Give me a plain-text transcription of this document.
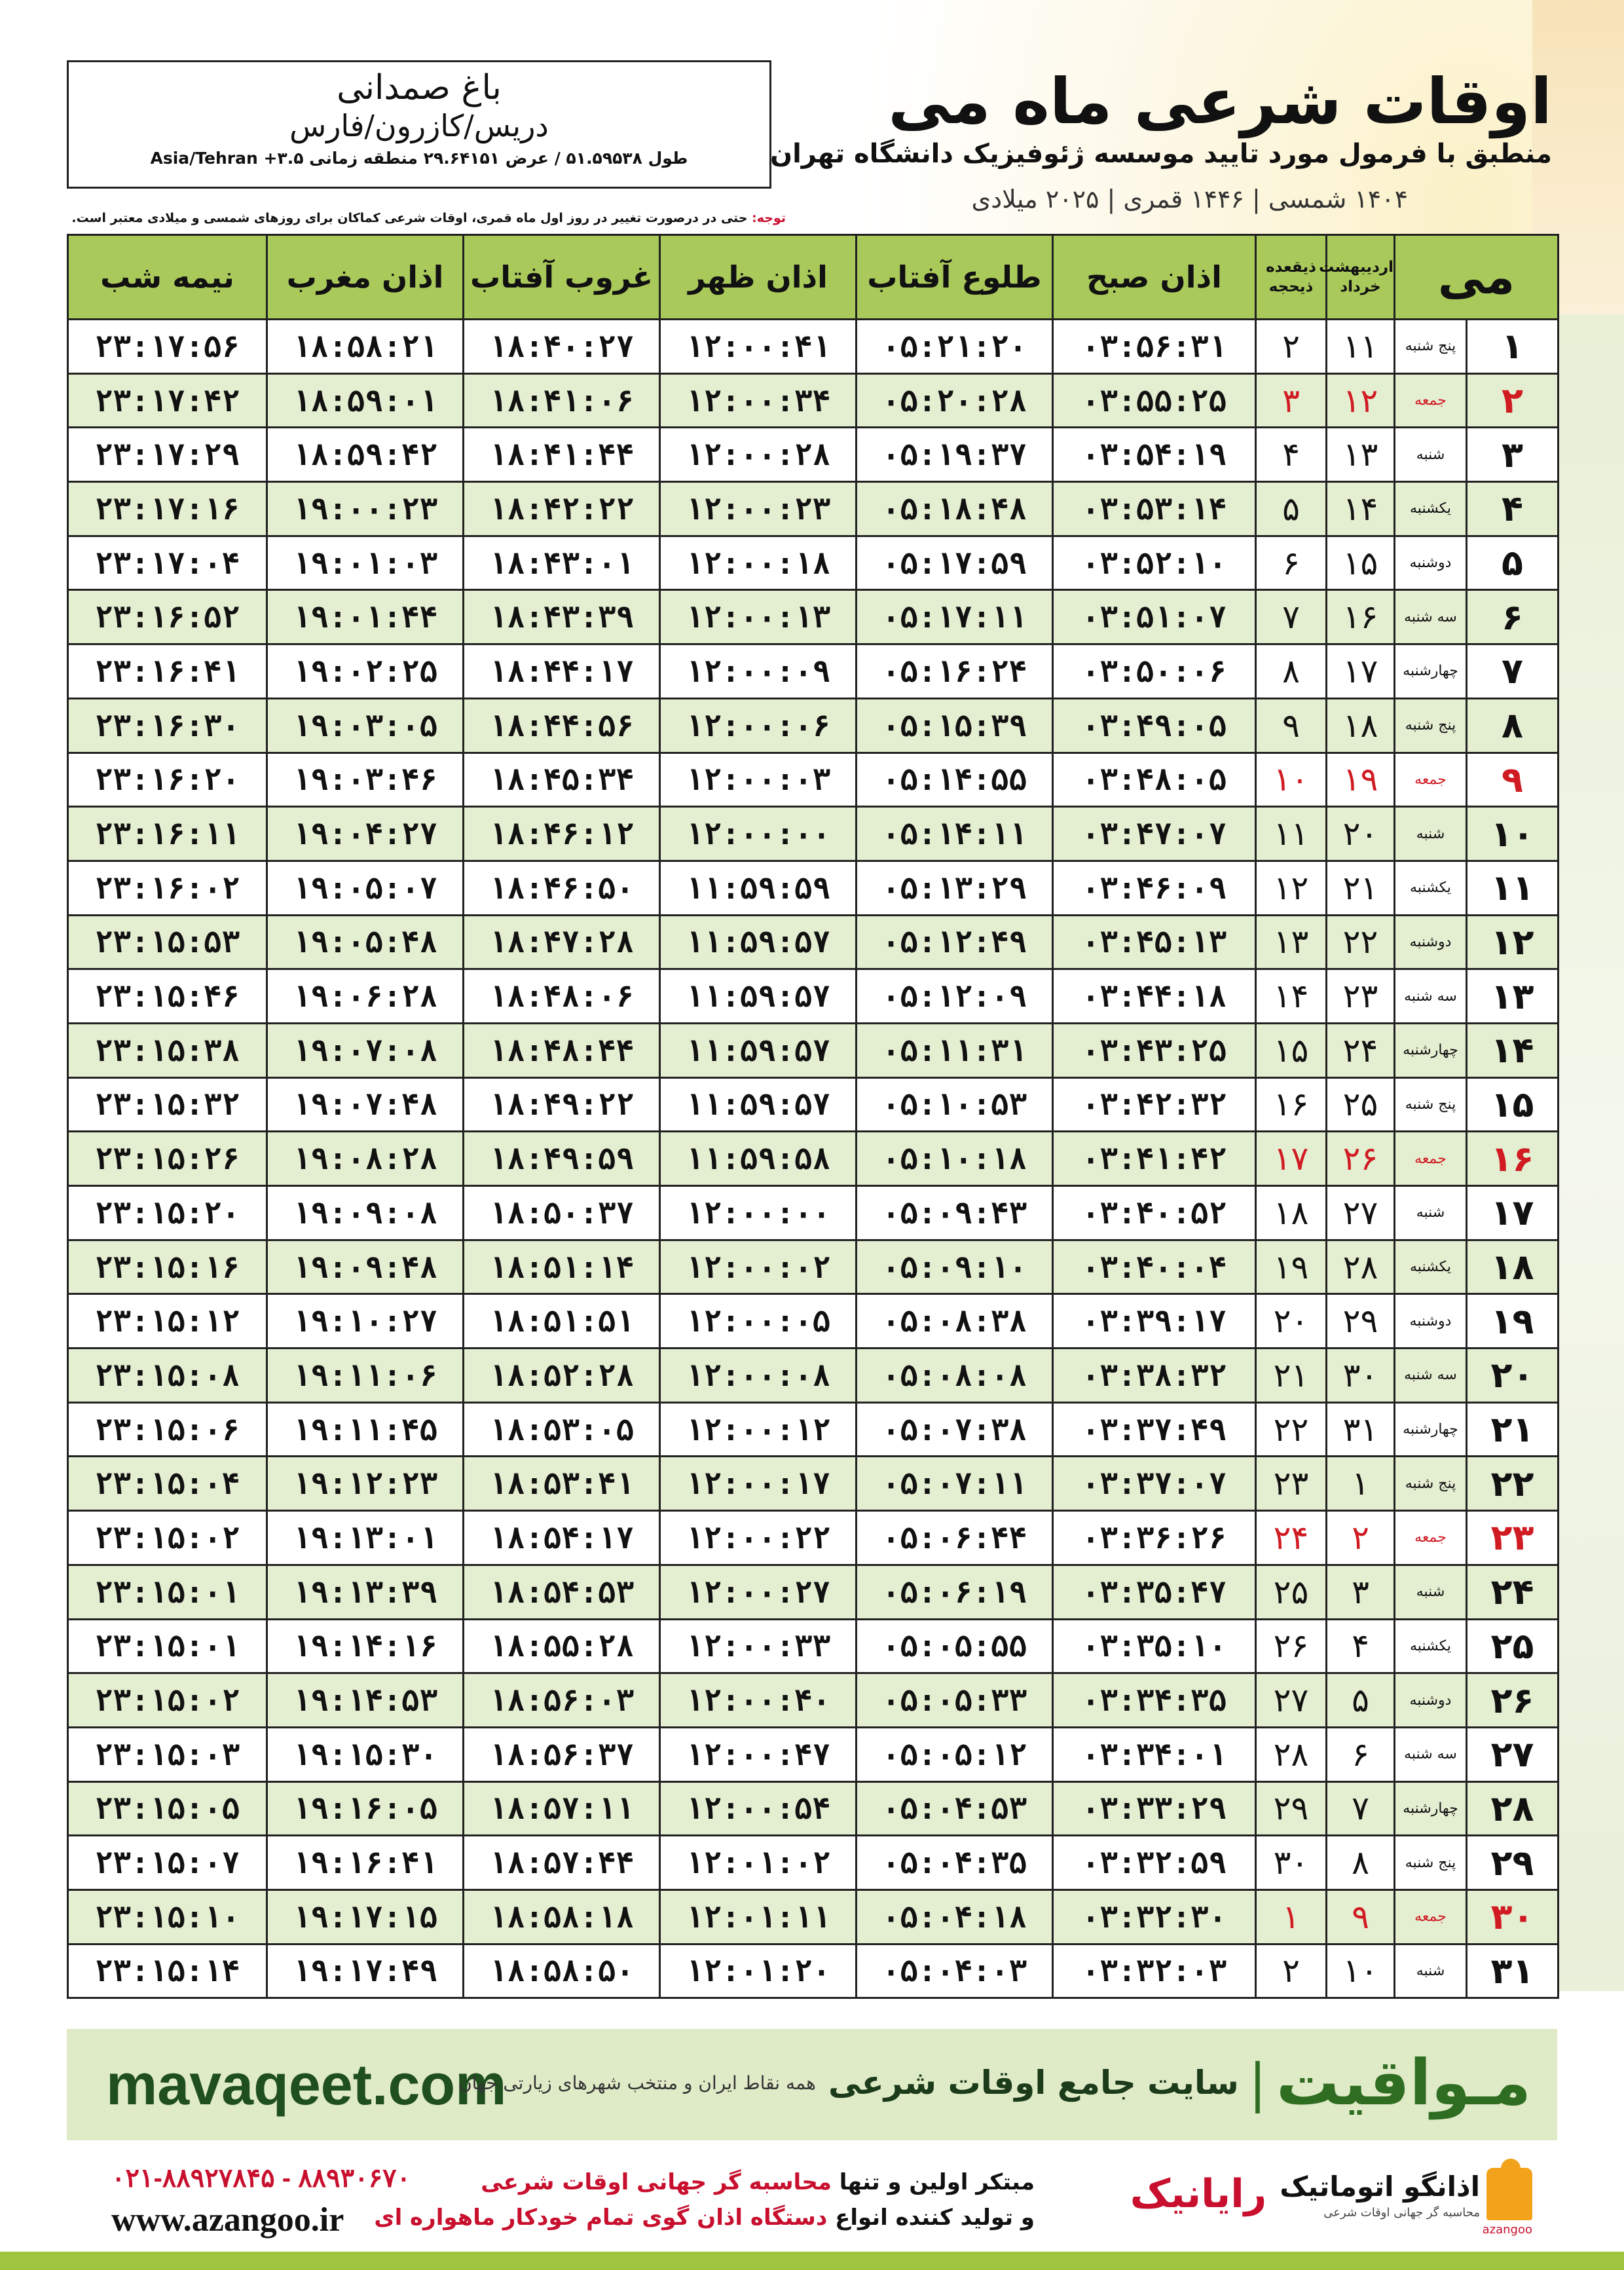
باغ صمدانی
دریس/کازرون/فارس
طول ۵۱.۵۹۵۳۸ / عرض ۲۹.۶۴۱۵۱ منطقه زمانی ۳.۵+ Asia/Tehran
اوقات شرعی ماه می
منطبق با فرمول مورد تایید موسسه ژئوفیزیک دانشگاه تهران
۱۴۰۴ شمسی | ۱۴۴۶ قمری | ۲۰۲۵ میلادی
توجه: حتی در درصورت تغییر در روز اول ماه قمری، اوقات شرعی کماکان برای روزهای شمسی و میلادی معتبر است.
می		اردیبهشت خرداد	ذیقعده ذیحجه	اذان صبح	طلوع آفتاب	اذان ظهر	غروب آفتاب	اذان مغرب	نیمه شب
۱	پنج شنبه	۱۱	۲	۰۳:۵۶:۳۱	۰۵:۲۱:۲۰	۱۲:۰۰:۴۱	۱۸:۴۰:۲۷	۱۸:۵۸:۲۱	۲۳:۱۷:۵۶
۲	جمعه	۱۲	۳	۰۳:۵۵:۲۵	۰۵:۲۰:۲۸	۱۲:۰۰:۳۴	۱۸:۴۱:۰۶	۱۸:۵۹:۰۱	۲۳:۱۷:۴۲
۳	شنبه	۱۳	۴	۰۳:۵۴:۱۹	۰۵:۱۹:۳۷	۱۲:۰۰:۲۸	۱۸:۴۱:۴۴	۱۸:۵۹:۴۲	۲۳:۱۷:۲۹
۴	یکشنبه	۱۴	۵	۰۳:۵۳:۱۴	۰۵:۱۸:۴۸	۱۲:۰۰:۲۳	۱۸:۴۲:۲۲	۱۹:۰۰:۲۳	۲۳:۱۷:۱۶
۵	دوشنبه	۱۵	۶	۰۳:۵۲:۱۰	۰۵:۱۷:۵۹	۱۲:۰۰:۱۸	۱۸:۴۳:۰۱	۱۹:۰۱:۰۳	۲۳:۱۷:۰۴
۶	سه شنبه	۱۶	۷	۰۳:۵۱:۰۷	۰۵:۱۷:۱۱	۱۲:۰۰:۱۳	۱۸:۴۳:۳۹	۱۹:۰۱:۴۴	۲۳:۱۶:۵۲
۷	چهارشنبه	۱۷	۸	۰۳:۵۰:۰۶	۰۵:۱۶:۲۴	۱۲:۰۰:۰۹	۱۸:۴۴:۱۷	۱۹:۰۲:۲۵	۲۳:۱۶:۴۱
۸	پنج شنبه	۱۸	۹	۰۳:۴۹:۰۵	۰۵:۱۵:۳۹	۱۲:۰۰:۰۶	۱۸:۴۴:۵۶	۱۹:۰۳:۰۵	۲۳:۱۶:۳۰
۹	جمعه	۱۹	۱۰	۰۳:۴۸:۰۵	۰۵:۱۴:۵۵	۱۲:۰۰:۰۳	۱۸:۴۵:۳۴	۱۹:۰۳:۴۶	۲۳:۱۶:۲۰
۱۰	شنبه	۲۰	۱۱	۰۳:۴۷:۰۷	۰۵:۱۴:۱۱	۱۲:۰۰:۰۰	۱۸:۴۶:۱۲	۱۹:۰۴:۲۷	۲۳:۱۶:۱۱
۱۱	یکشنبه	۲۱	۱۲	۰۳:۴۶:۰۹	۰۵:۱۳:۲۹	۱۱:۵۹:۵۹	۱۸:۴۶:۵۰	۱۹:۰۵:۰۷	۲۳:۱۶:۰۲
۱۲	دوشنبه	۲۲	۱۳	۰۳:۴۵:۱۳	۰۵:۱۲:۴۹	۱۱:۵۹:۵۷	۱۸:۴۷:۲۸	۱۹:۰۵:۴۸	۲۳:۱۵:۵۳
۱۳	سه شنبه	۲۳	۱۴	۰۳:۴۴:۱۸	۰۵:۱۲:۰۹	۱۱:۵۹:۵۷	۱۸:۴۸:۰۶	۱۹:۰۶:۲۸	۲۳:۱۵:۴۶
۱۴	چهارشنبه	۲۴	۱۵	۰۳:۴۳:۲۵	۰۵:۱۱:۳۱	۱۱:۵۹:۵۷	۱۸:۴۸:۴۴	۱۹:۰۷:۰۸	۲۳:۱۵:۳۸
۱۵	پنج شنبه	۲۵	۱۶	۰۳:۴۲:۳۲	۰۵:۱۰:۵۳	۱۱:۵۹:۵۷	۱۸:۴۹:۲۲	۱۹:۰۷:۴۸	۲۳:۱۵:۳۲
۱۶	جمعه	۲۶	۱۷	۰۳:۴۱:۴۲	۰۵:۱۰:۱۸	۱۱:۵۹:۵۸	۱۸:۴۹:۵۹	۱۹:۰۸:۲۸	۲۳:۱۵:۲۶
۱۷	شنبه	۲۷	۱۸	۰۳:۴۰:۵۲	۰۵:۰۹:۴۳	۱۲:۰۰:۰۰	۱۸:۵۰:۳۷	۱۹:۰۹:۰۸	۲۳:۱۵:۲۰
۱۸	یکشنبه	۲۸	۱۹	۰۳:۴۰:۰۴	۰۵:۰۹:۱۰	۱۲:۰۰:۰۲	۱۸:۵۱:۱۴	۱۹:۰۹:۴۸	۲۳:۱۵:۱۶
۱۹	دوشنبه	۲۹	۲۰	۰۳:۳۹:۱۷	۰۵:۰۸:۳۸	۱۲:۰۰:۰۵	۱۸:۵۱:۵۱	۱۹:۱۰:۲۷	۲۳:۱۵:۱۲
۲۰	سه شنبه	۳۰	۲۱	۰۳:۳۸:۳۲	۰۵:۰۸:۰۸	۱۲:۰۰:۰۸	۱۸:۵۲:۲۸	۱۹:۱۱:۰۶	۲۳:۱۵:۰۸
۲۱	چهارشنبه	۳۱	۲۲	۰۳:۳۷:۴۹	۰۵:۰۷:۳۸	۱۲:۰۰:۱۲	۱۸:۵۳:۰۵	۱۹:۱۱:۴۵	۲۳:۱۵:۰۶
۲۲	پنج شنبه	۱	۲۳	۰۳:۳۷:۰۷	۰۵:۰۷:۱۱	۱۲:۰۰:۱۷	۱۸:۵۳:۴۱	۱۹:۱۲:۲۳	۲۳:۱۵:۰۴
۲۳	جمعه	۲	۲۴	۰۳:۳۶:۲۶	۰۵:۰۶:۴۴	۱۲:۰۰:۲۲	۱۸:۵۴:۱۷	۱۹:۱۳:۰۱	۲۳:۱۵:۰۲
۲۴	شنبه	۳	۲۵	۰۳:۳۵:۴۷	۰۵:۰۶:۱۹	۱۲:۰۰:۲۷	۱۸:۵۴:۵۳	۱۹:۱۳:۳۹	۲۳:۱۵:۰۱
۲۵	یکشنبه	۴	۲۶	۰۳:۳۵:۱۰	۰۵:۰۵:۵۵	۱۲:۰۰:۳۳	۱۸:۵۵:۲۸	۱۹:۱۴:۱۶	۲۳:۱۵:۰۱
۲۶	دوشنبه	۵	۲۷	۰۳:۳۴:۳۵	۰۵:۰۵:۳۳	۱۲:۰۰:۴۰	۱۸:۵۶:۰۳	۱۹:۱۴:۵۳	۲۳:۱۵:۰۲
۲۷	سه شنبه	۶	۲۸	۰۳:۳۴:۰۱	۰۵:۰۵:۱۲	۱۲:۰۰:۴۷	۱۸:۵۶:۳۷	۱۹:۱۵:۳۰	۲۳:۱۵:۰۳
۲۸	چهارشنبه	۷	۲۹	۰۳:۳۳:۲۹	۰۵:۰۴:۵۳	۱۲:۰۰:۵۴	۱۸:۵۷:۱۱	۱۹:۱۶:۰۵	۲۳:۱۵:۰۵
۲۹	پنج شنبه	۸	۳۰	۰۳:۳۲:۵۹	۰۵:۰۴:۳۵	۱۲:۰۱:۰۲	۱۸:۵۷:۴۴	۱۹:۱۶:۴۱	۲۳:۱۵:۰۷
۳۰	جمعه	۹	۱	۰۳:۳۲:۳۰	۰۵:۰۴:۱۸	۱۲:۰۱:۱۱	۱۸:۵۸:۱۸	۱۹:۱۷:۱۵	۲۳:۱۵:۱۰
۳۱	شنبه	۱۰	۲	۰۳:۳۲:۰۳	۰۵:۰۴:۰۳	۱۲:۰۱:۲۰	۱۸:۵۸:۵۰	۱۹:۱۷:۴۹	۲۳:۱۵:۱۴
mavaqeet.com	مـواقیت | سایت جامع اوقات شرعی همه نقاط ایران و منتخب شهرهای زیارتی جهان
۰۲۱-۸۸۹۲۷۸۴۵ - ۸۸۹۳۰۶۷۰
www.azangoo.ir
مبتکر اولین و تنها محاسبه گر جهانی اوقات شرعی
و تولید کننده انواع دستگاه اذان گوی تمام خودکار ماهواره ای
رایانیک اذانگو اتوماتیک
محاسبه گر جهانی اوقات شرعی
azangoo
